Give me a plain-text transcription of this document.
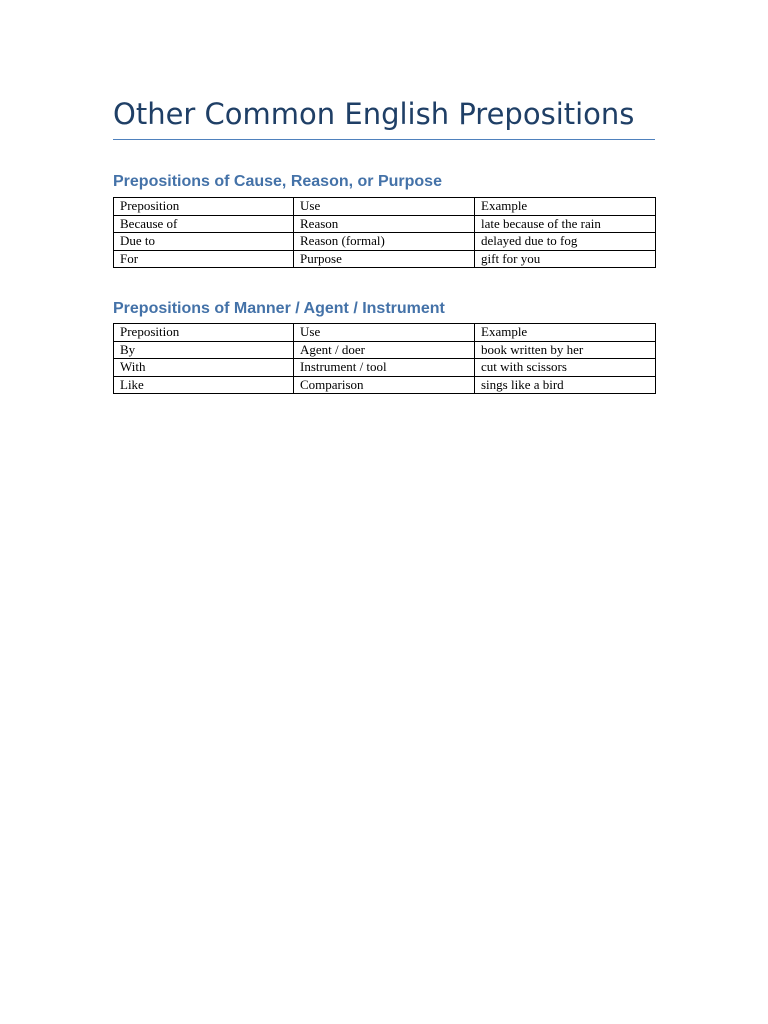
Other Common English Prepositions
Prepositions of Cause, Reason, or Purpose
Preposition	Use	Example
Because of	Reason	late because of the rain
Due to	Reason (formal)	delayed due to fog
For	Purpose	gift for you
Prepositions of Manner / Agent / Instrument
Preposition	Use	Example
By	Agent / doer	book written by her
With	Instrument / tool	cut with scissors
Like	Comparison	sings like a bird
